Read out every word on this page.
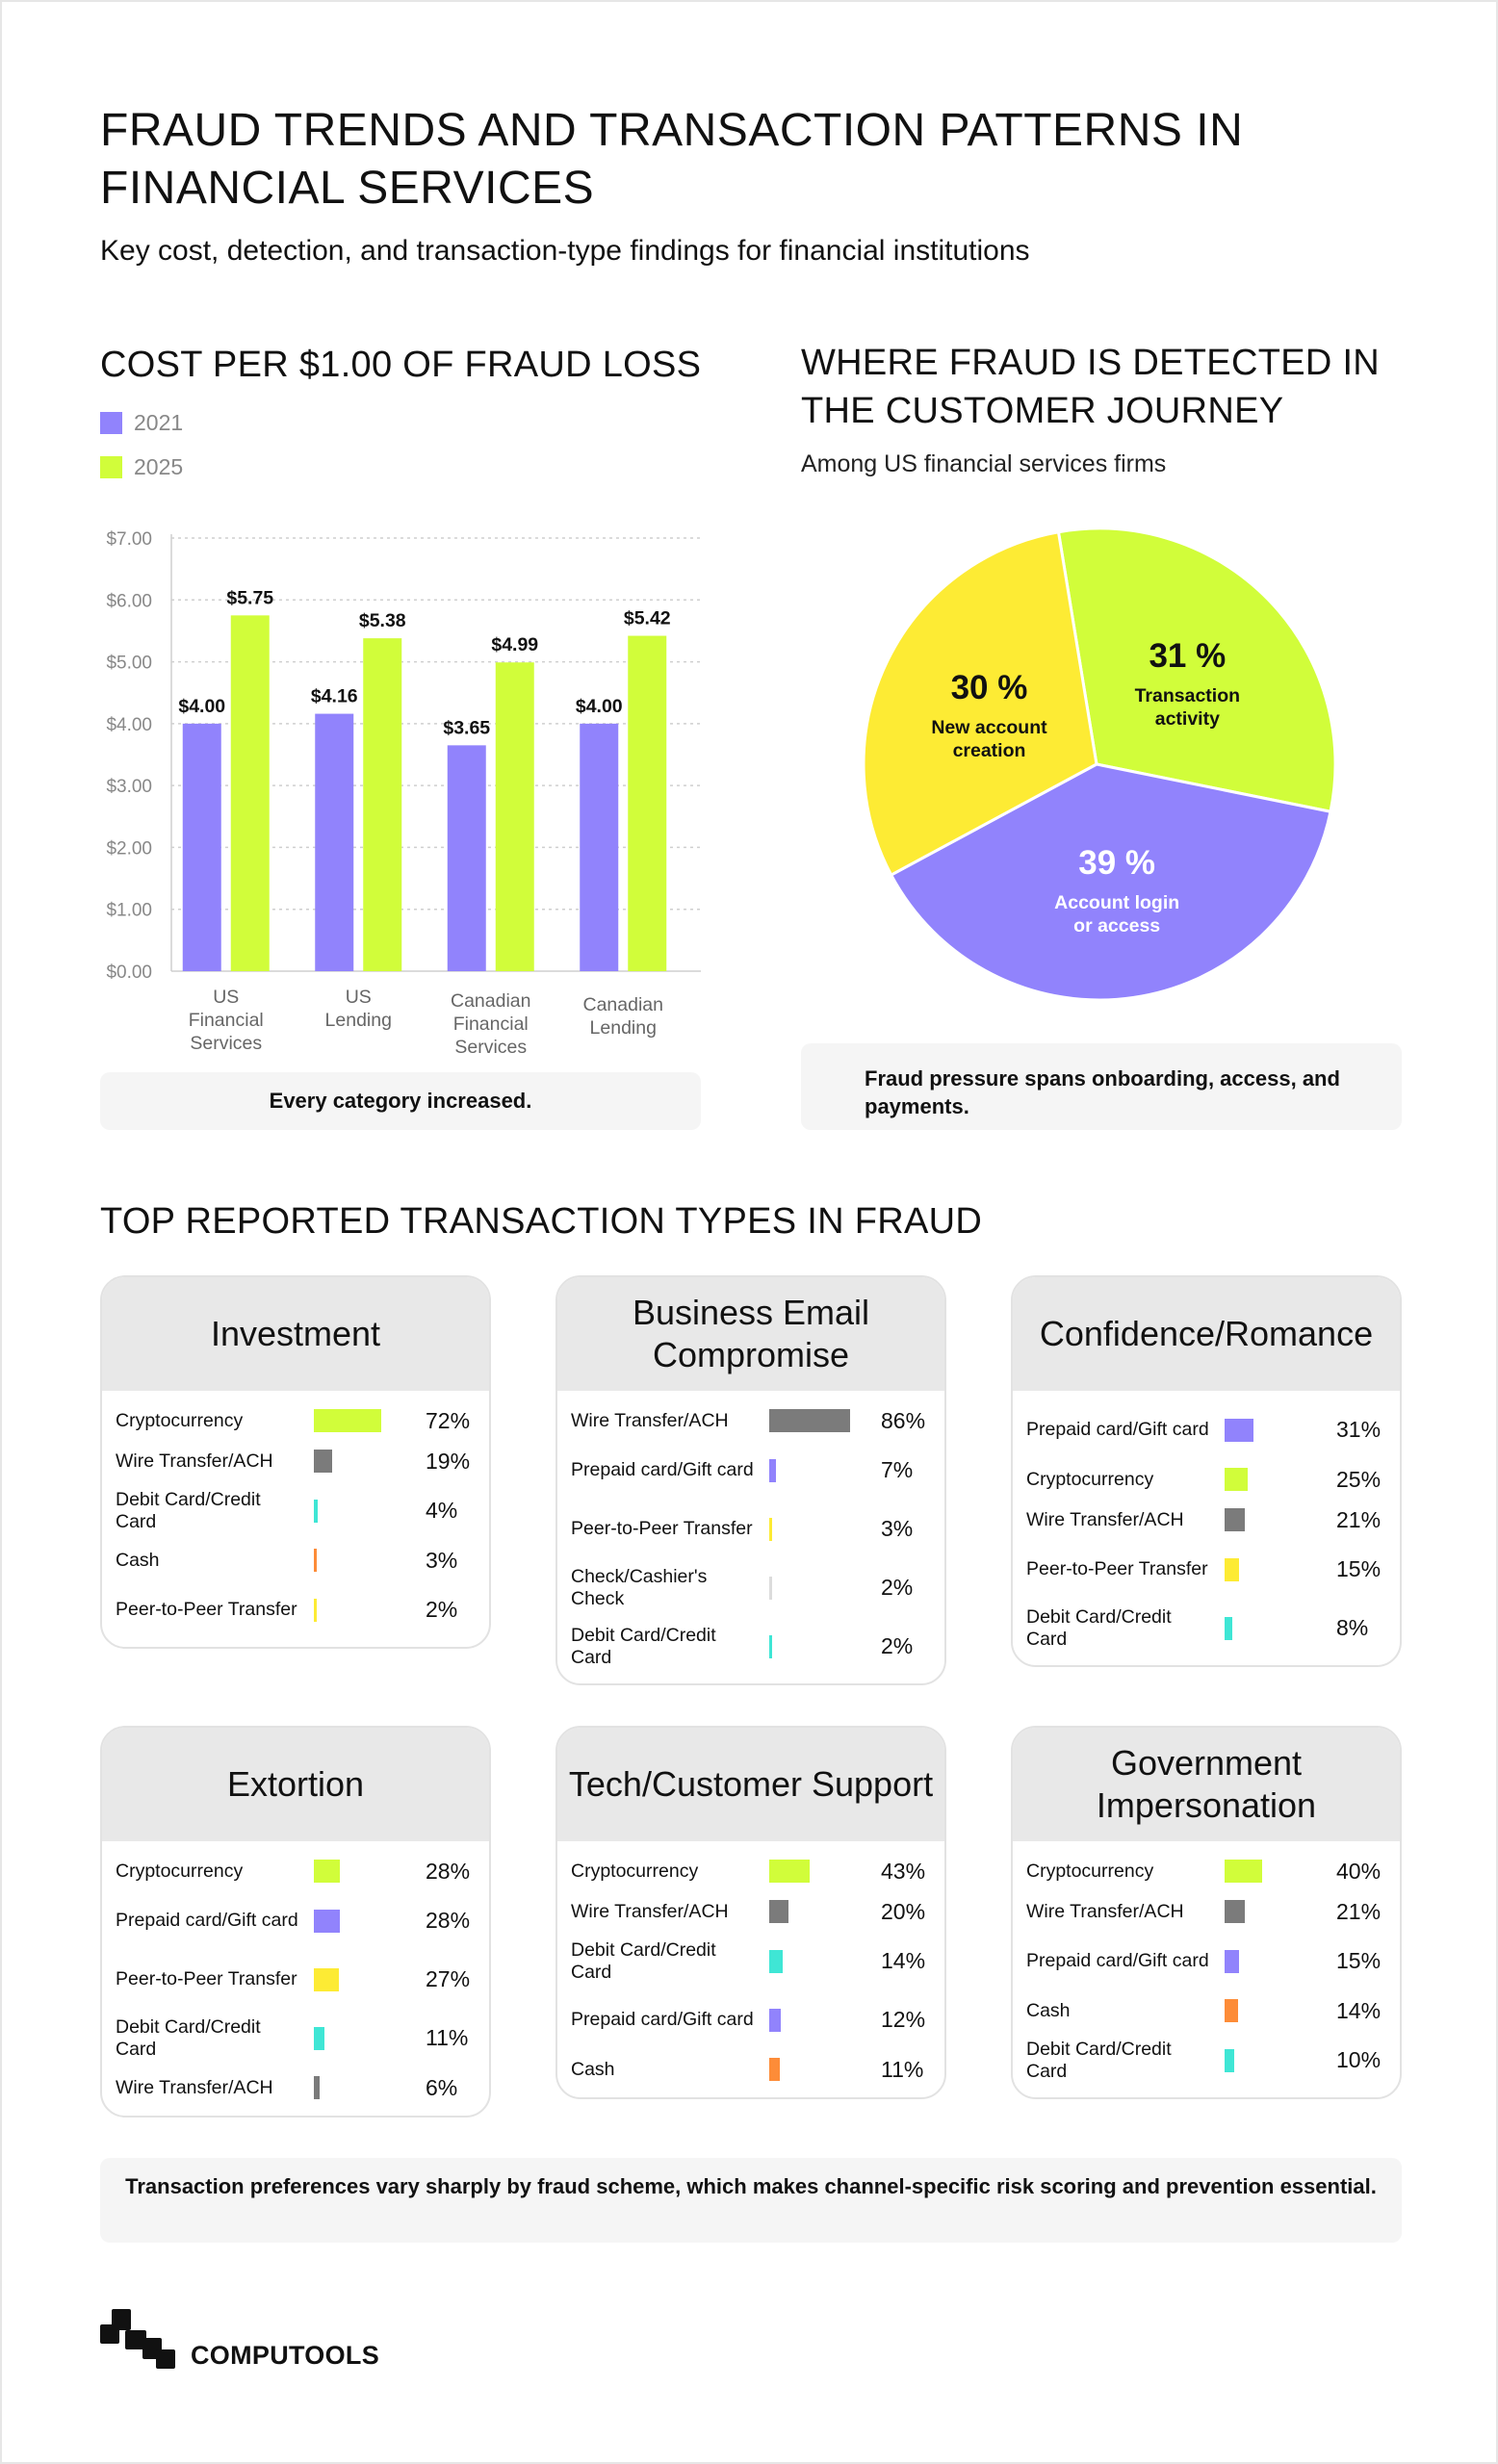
FRAUD TRENDS AND TRANSACTION PATTERNS IN FINANCIAL SERVICES
Key cost, detection, and transaction-type findings for financial institutions
COST PER $1.00 OF FRAUD LOSS
2021
2025
$0.00
$1.00
$2.00
$3.00
$4.00
$5.00
$6.00
$7.00
$4.00
$5.75
US
Financial
Services
$4.16
$5.38
US
Lending
$3.65
$4.99
Canadian
Financial
Services
$4.00
$5.42
Canadian
Lending
Every category increased.
WHERE FRAUD IS DETECTED IN THE CUSTOMER JOURNEY
Among US financial services firms
31 %
Transaction
activity
39 %
Account login
or access
30 %
New account
creation
Fraud pressure spans onboarding, access, and payments.
TOP REPORTED TRANSACTION TYPES IN FRAUD
Investment
Cryptocurrency	72%
Wire Transfer/ACH	19%
Debit Card/Credit Card	4%
Cash	3%
Peer-to-Peer Transfer	2%
Business Email Compromise
Wire Transfer/ACH	86%
Prepaid card/Gift card	7%
Peer-to-Peer Transfer	3%
Check/Cashier's Check	2%
Debit Card/Credit Card	2%
Confidence/Romance
Prepaid card/Gift card	31%
Cryptocurrency	25%
Wire Transfer/ACH	21%
Peer-to-Peer Transfer	15%
Debit Card/Credit Card	8%
Extortion
Cryptocurrency	28%
Prepaid card/Gift card	28%
Peer-to-Peer Transfer	27%
Debit Card/Credit Card	11%
Wire Transfer/ACH	6%
Tech/Customer Support
Cryptocurrency	43%
Wire Transfer/ACH	20%
Debit Card/Credit Card	14%
Prepaid card/Gift card	12%
Cash	11%
Government Impersonation
Cryptocurrency	40%
Wire Transfer/ACH	21%
Prepaid card/Gift card	15%
Cash	14%
Debit Card/Credit Card	10%
Transaction preferences vary sharply by fraud scheme, which makes channel-specific risk scoring and prevention essential.
COMPUTOOLS
